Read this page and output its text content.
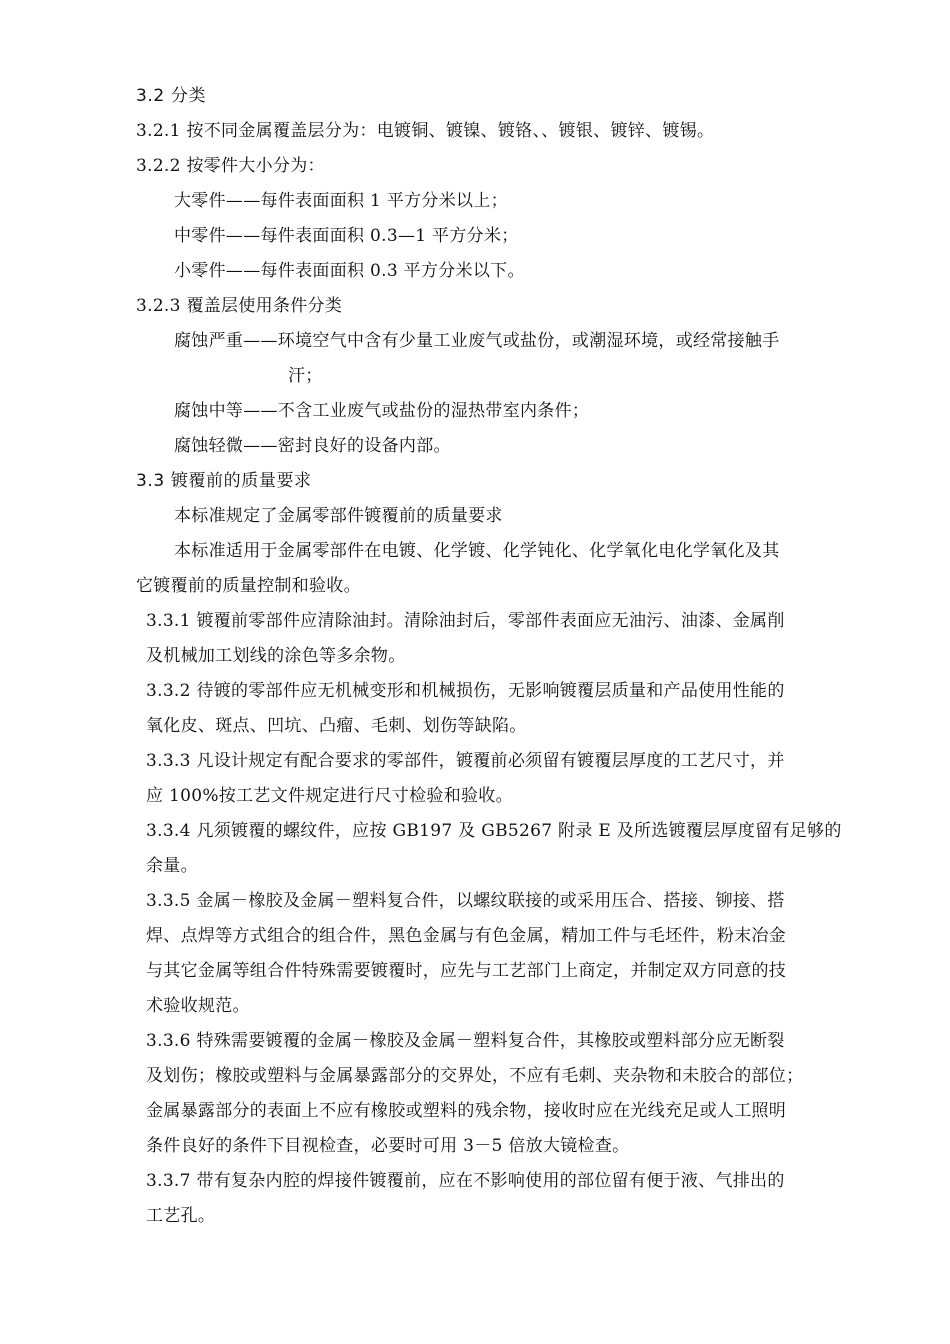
3.2 分类
3.2.1 按不同金属覆盖层分为：电镀铜、镀镍、镀铬、、镀银、镀锌、镀锡。
3.2.2 按零件大小分为：
大零件——每件表面面积 1 平方分米以上；
中零件——每件表面面积 0.3—1 平方分米；
小零件——每件表面面积 0.3 平方分米以下。
3.2.3 覆盖层使用条件分类
腐蚀严重——环境空气中含有少量工业废气或盐份，或潮湿环境，或经常接触手
汗；
腐蚀中等——不含工业废气或盐份的湿热带室内条件；
腐蚀轻微——密封良好的设备内部。
3.3 镀覆前的质量要求
本标准规定了金属零部件镀覆前的质量要求
本标准适用于金属零部件在电镀、化学镀、化学钝化、化学氧化电化学氧化及其
它镀覆前的质量控制和验收。
3.3.1 镀覆前零部件应清除油封。清除油封后，零部件表面应无油污、油漆、金属削
及机械加工划线的涂色等多余物。
3.3.2 待镀的零部件应无机械变形和机械损伤，无影响镀覆层质量和产品使用性能的
氧化皮、斑点、凹坑、凸瘤、毛刺、划伤等缺陷。
3.3.3 凡设计规定有配合要求的零部件，镀覆前必须留有镀覆层厚度的工艺尺寸，并
应 100%按工艺文件规定进行尺寸检验和验收。
3.3.4 凡须镀覆的螺纹件，应按 GB197 及 GB5267 附录 E 及所选镀覆层厚度留有足够的
余量。
3.3.5 金属－橡胶及金属－塑料复合件，以螺纹联接的或采用压合、搭接、铆接、搭
焊、点焊等方式组合的组合件，黑色金属与有色金属，精加工件与毛坯件，粉末冶金
与其它金属等组合件特殊需要镀覆时，应先与工艺部门上商定，并制定双方同意的技
术验收规范。
3.3.6 特殊需要镀覆的金属－橡胶及金属－塑料复合件，其橡胶或塑料部分应无断裂
及划伤；橡胶或塑料与金属暴露部分的交界处，不应有毛刺、夹杂物和未胶合的部位；
金属暴露部分的表面上不应有橡胶或塑料的残余物，接收时应在光线充足或人工照明
条件良好的条件下目视检查，必要时可用 3－5 倍放大镜检查。
3.3.7 带有复杂内腔的焊接件镀覆前，应在不影响使用的部位留有便于液、气排出的
工艺孔。
